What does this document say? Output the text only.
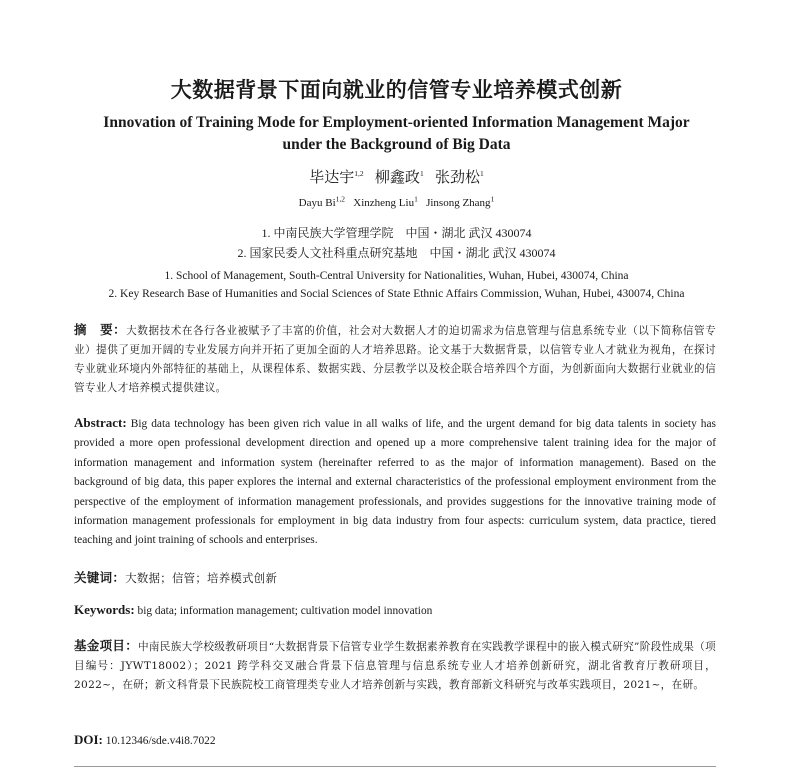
大数据背景下面向就业的信管专业培养模式创新
Innovation of Training Mode for Employment-oriented Information Management Major
under the Background of Big Data
毕达宇$^{1,2}$ 柳鑫政$^1$ 张劲松$^1$
Dayu Bi$^{1,2}$ Xinzheng Liu$^1$ Jinsong Zhang$^1$
1. 中南民族大学管理学院　中国・湖北 武汉 430074
2. 国家民委人文社科重点研究基地　中国・湖北 武汉 430074
1. School of Management, South-Central University for Nationalities, Wuhan, Hubei, 430074, China
2. Key Research Base of Humanities and Social Sciences of State Ethnic Affairs Commission, Wuhan, Hubei, 430074, China
摘　要：大数据技术在各行各业被赋予了丰富的价值，社会对大数据人才的迫切需求为信息管理与信息系统专业（以下简称信管专业）提供了更加开阔的专业发展方向并开拓了更加全面的人才培养思路。论文基于大数据背景，以信管专业人才就业为视角，在探讨专业就业环境内外部特征的基础上，从课程体系、数据实践、分层教学以及校企联合培养四个方面，为创新面向大数据行业就业的信管专业人才培养模式提供建议。
Abstract: Big data technology has been given rich value in all walks of life, and the urgent demand for big data talents in society has provided a more open professional development direction and opened up a more comprehensive talent training idea for the major of information management and information system (hereinafter referred to as the major of information management). Based on the background of big data, this paper explores the internal and external characteristics of the professional employment environment from the perspective of the employment of information management professionals, and provides suggestions for the innovative training mode of information management professionals for employment in big data industry from four aspects: curriculum system, data practice, tiered teaching and joint training of schools and enterprises.
关键词：大数据；信管；培养模式创新
Keywords: big data; information management; cultivation model innovation
基金项目：中南民族大学校级教研项目“大数据背景下信管专业学生数据素养教育在实践教学课程中的嵌入模式研究”阶段性成果（项目编号：JYWT18002）；2021 跨学科交叉融合背景下信息管理与信息系统专业人才培养创新研究，湖北省教育厅教研项目，2022~，在研；新文科背景下民族院校工商管理类专业人才培养创新与实践，教育部新文科研究与改革实践项目，2021~，在研。
DOI: 10.12346/sde.v4i8.7022
